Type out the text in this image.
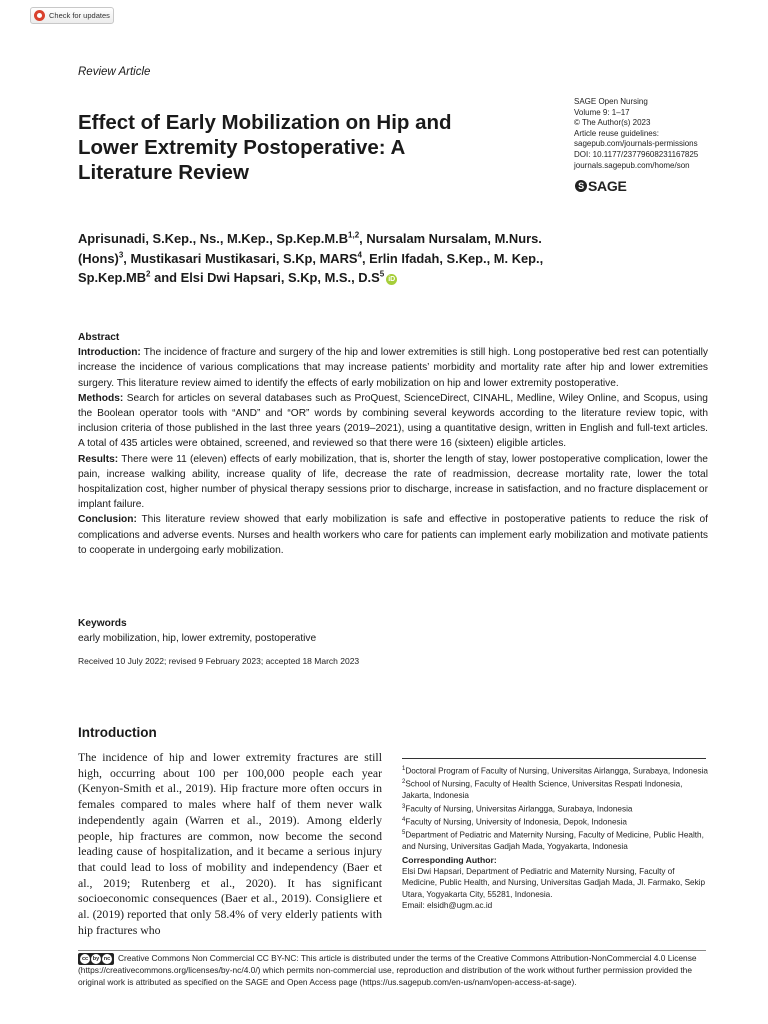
Check for updates
Review Article
Effect of Early Mobilization on Hip and Lower Extremity Postoperative: A Literature Review
SAGE Open Nursing
Volume 9: 1–17
© The Author(s) 2023
Article reuse guidelines:
sagepub.com/journals-permissions
DOI: 10.1177/23779608231167825
journals.sagepub.com/home/son
S SAGE

Aprisunadi, S.Kep., Ns., M.Kep., $Sp.Kep.M.B^{1,2}$, Nursalam Nursalam, M.Nurs. (Hons)$^3$, Mustikasari Mustikasari, S.Kp, MARS$^4$, Erlin Ifadah, S.Kep., M. Kep., $Sp.Kep.MB^2$ and Elsi Dwi Hapsari, S.Kp, M.S., $D.S^5iD$

Abstract

Introduction: The incidence of fracture and surgery of the hip and lower extremities is still high. Long postoperative bed rest can potentially increase the incidence of various complications that may increase patients’ morbidity and mortality rate after hip and lower extremities surgery. This literature review aimed to identify the effects of early mobilization on hip and lower extremity postoperative.

Methods: Search for articles on several databases such as ProQuest, ScienceDirect, CINAHL, Medline, Wiley Online, and Scopus, using the Boolean operator tools with “AND” and “OR” words by combining several keywords according to the literature review topic, with inclusion criteria of those published in the last three years (2019–2021), using a quantitative design, written in English and full-text articles. A total of 435 articles were obtained, screened, and reviewed so that there were 16 (sixteen) eligible articles.

Results: There were 11 (eleven) effects of early mobilization, that is, shorter the length of stay, lower postoperative complication, lower the pain, increase walking ability, increase quality of life, decrease the rate of readmission, decrease mortality rate, lower the total hospitalization cost, higher number of physical therapy sessions prior to discharge, increase in satisfaction, and no fracture displacement or implant failure.

Conclusion: This literature review showed that early mobilization is safe and effective in postoperative patients to reduce the risk of complications and adverse events. Nurses and health workers who care for patients can implement early mobilization and motivate patients to cooperate in undergoing early mobilization.

Keywords

early mobilization, hip, lower extremity, postoperative

Received 10 July 2022; revised 9 February 2023; accepted 18 March 2023
Introduction

The incidence of hip and lower extremity fractures are still high, occurring about 100 per 100,000 people each year (Kenyon-Smith et al., 2019). Hip fracture more often occurs in females compared to males where half of them never walk independently again (Warren et al., 2019). Among elderly people, hip fractures are common, now become the second leading cause of hospitalization, and it became a serious injury that could lead to loss of mobility and independency (Baer et al., 2019; Rutenberg et al., 2020). It has significant socioeconomic consequences (Baer et al., 2019). Consigliere et al. (2019) reported that only 58.4% of very elderly patients with hip fractures who

$^1$Doctoral Program of Faculty of Nursing, Universitas Airlangga, Surabaya, Indonesia
$^2$School of Nursing, Faculty of Health Science, Universitas Respati Indonesia, Jakarta, Indonesia
$^3$Faculty of Nursing, Universitas Airlangga, Surabaya, Indonesia
$^4$Faculty of Nursing, University of Indonesia, Depok, Indonesia
$^5$Department of Pediatric and Maternity Nursing, Faculty of Medicine, Public Health, and Nursing, Universitas Gadjah Mada, Yogyakarta, Indonesia
Corresponding Author:
Elsi Dwi Hapsari, Department of Pediatric and Maternity Nursing, Faculty of Medicine, Public Health, and Nursing, Universitas Gadjah Mada, Jl. Farmako, Sekip Utara, Yogyakarta City, 55281, Indonesia.
Email: elsidh@ugm.ac.id
cc by nc Creative Commons Non Commercial CC BY-NC: This article is distributed under the terms of the Creative Commons Attribution-NonCommercial 4.0 License (https://creativecommons.org/licenses/by-nc/4.0/) which permits non-commercial use, reproduction and distribution of the work without further permission provided the original work is attributed as specified on the SAGE and Open Access page (https://us.sagepub.com/en-us/nam/open-access-at-sage).
